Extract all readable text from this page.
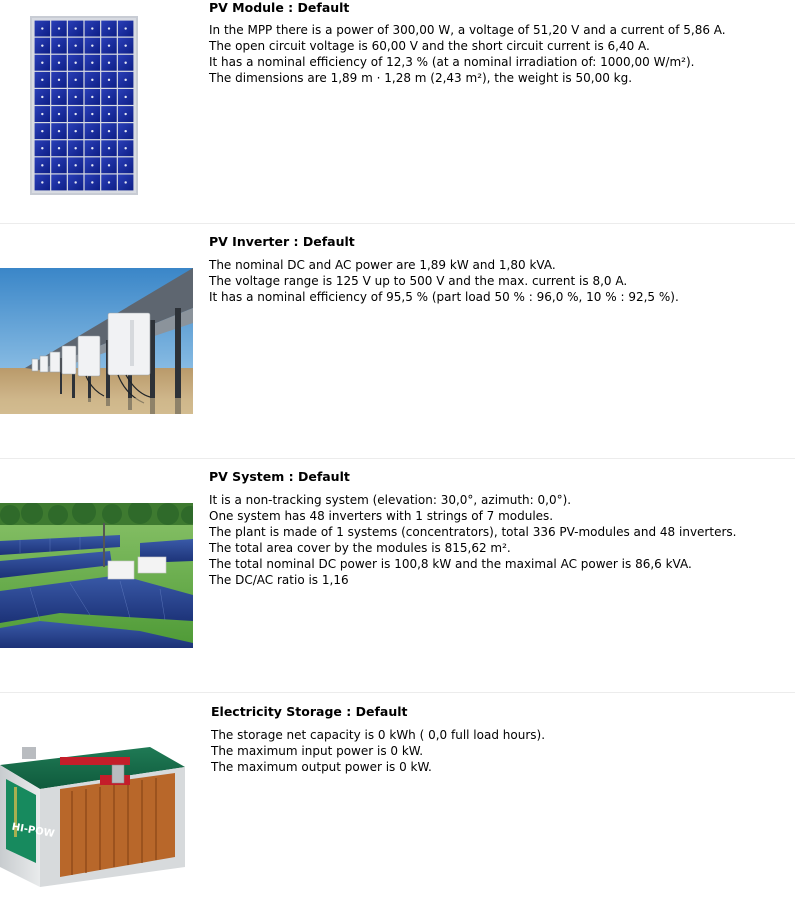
PV Module : Default
In the MPP there is a power of 300,00 W, a voltage of 51,20 V and a current of 5,86 A.
The open circuit voltage is 60,00 V and the short circuit current is 6,40 A.
It has a nominal efficiency of 12,3 % (at a nominal irradiation of: 1000,00 W/m²).
The dimensions are 1,89 m · 1,28 m (2,43 m²), the weight is 50,00 kg.
PV Inverter : Default
The nominal DC and AC power are 1,89 kW and 1,80 kVA.
The voltage range is 125 V up to 500 V and the max. current is 8,0 A.
It has a nominal efficiency of 95,5 % (part load 50 % : 96,0 %, 10 % : 92,5 %).
PV System : Default
It is a non-tracking system (elevation: 30,0°, azimuth: 0,0°).
One system has 48 inverters with 1 strings of 7 modules.
The plant is made of 1 systems (concentrators), total 336 PV-modules and 48 inverters.
The total area cover by the modules is 815,62 m².
The total nominal DC power is 100,8 kW and the maximal AC power is 86,6 kVA.
The DC/AC ratio is 1,16
HI-POW
Electricity Storage : Default
The storage net capacity is 0 kWh ( 0,0 full load hours).
The maximum input power is 0 kW.
The maximum output power is 0 kW.
